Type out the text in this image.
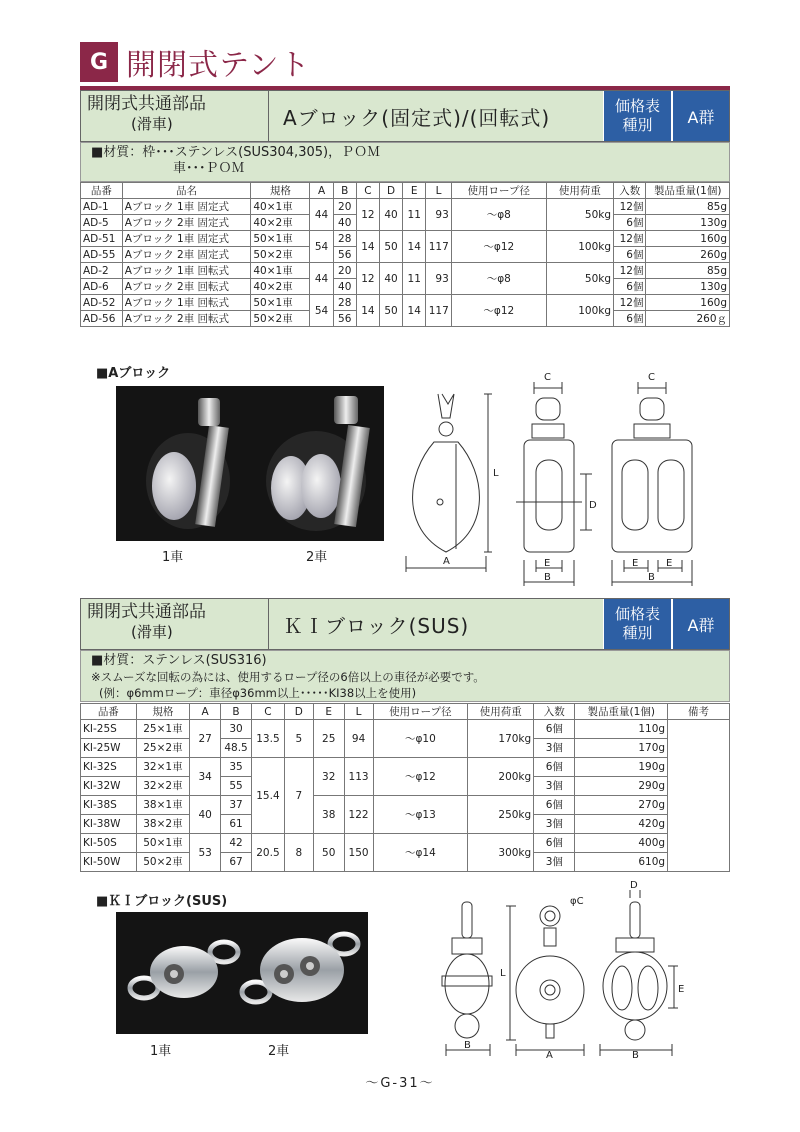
G 開閉式テント
開閉式共通部品
(滑車)	Aブロック(固定式)/(回転式)	価格表
種別	A群
■材質：枠･･･ステンレス(SUS304,305)，ＰＯＭ
車･･･ＰＯＭ
品番	品名	規格	A	B	C	D	E	L	使用ロープ径	使用荷重	入数	製品重量(1個)
AD-1	Aブロック 1車 固定式	40×1車	44	20	12	40	11	93	～φ8	50kg	12個	85g
AD-5	Aブロック 2車 固定式	40×2車		40							6個	130g
AD-51	Aブロック 1車 固定式	50×1車	54	28	14	50	14	117	～φ12	100kg	12個	160g
AD-55	Aブロック 2車 固定式	50×2車		56							6個	260g
AD-2	Aブロック 1車 回転式	40×1車	44	20	12	40	11	93	～φ8	50kg	12個	85g
AD-6	Aブロック 2車 回転式	40×2車		40							6個	130g
AD-52	Aブロック 1車 回転式	50×1車	54	28	14	50	14	117	～φ12	100kg	12個	160g
AD-56	Aブロック 2車 回転式	50×2車		56							6個	260ｇ
■Aブロック
1車	2車
L
A
C	C
D
E	E	E
B	B
開閉式共通部品
(滑車)	ＫＩブロック(SUS)	価格表
種別	A群
■材質：ステンレス(SUS316)
※スムーズな回転の為には、使用するロープ径の6倍以上の車径が必要です。
(例：φ6mmロープ：車径φ36mm以上･････KI38以上を使用)
品番	規格	A	B	C	D	E	L	使用ロープ径	使用荷重	入数	製品重量(1個)	備考
KI-25S	25×1車	27	30	13.5	5	25	94	～φ10	170kg	6個	110g	
KI-25W	25×2車		48.5							3個	170g	
KI-32S	32×1車	34	35	15.4	7	32	113	～φ12	200kg	6個	190g	
KI-32W	32×2車		55							3個	290g	
KI-38S	38×1車	40	37			38	122	～φ13	250kg	6個	270g	
KI-38W	38×2車		61							3個	420g	
KI-50S	50×1車	53	42	20.5	8	50	150	～φ14	300kg	6個	400g	
KI-50W	50×2車		67							3個	610g	
■ＫＩブロック(SUS)
1車	2車
φC
D
L
E
A
B
B
～G-31～
